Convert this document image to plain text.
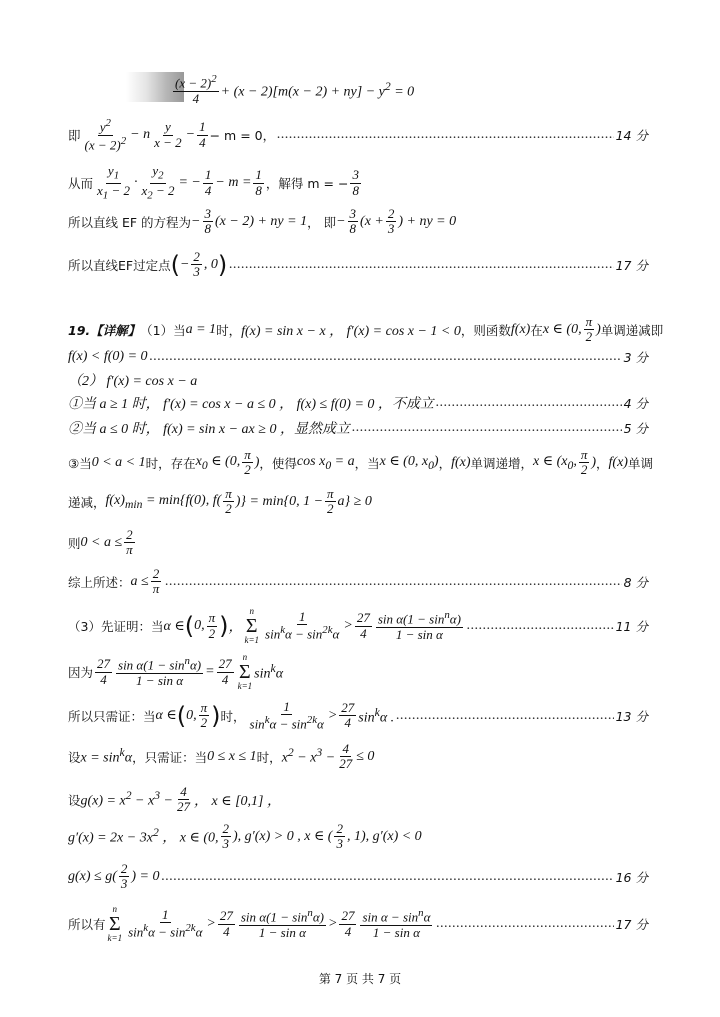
$\frac{(x - 2)^2}{4} + (x - 2)[m(x - 2) + ny] - y^2 = 0$
即 $\frac{y^2}{(x - 2)^2} - n \frac{y}{x - 2} - \frac{1}{4} - m = 0$， .....	14 分
从而 $\frac{y_1}{x_1 - 2} \cdot \frac{y_2}{x_2 - 2}$ = − $\frac{1}{4} - m = \frac{1}{8}$ ，解得 m = − $\frac{3}{8}$
所以直线 EF 的方程为 − $\frac{3}{8} (x - 2)$ + ny = 1 ， 即 − $\frac{3}{8} (x + \frac{2}{3}$ ) + ny = 0
所以直线EF过定点 ( − $\frac{2}{3}$ , 0 ) .....	17 分
19.【详解】 （1）当 a = 1 时， f(x) = sin x − x ， f′(x) = cos x − 1 < 0 ，则函数 f(x) 在 x ∈ (0, $\frac{\pi}{2}$ ) 单调递减即
f(x) < f(0) = 0 .....	3 分
（2） f′(x) = cos x − a
①当 a ≥ 1 时， f′(x) = cos x − a ≤ 0 ， f(x) ≤ f(0) = 0 ，不成立 .....	4 分
②当 a ≤ 0 时， f(x) = sin x − ax ≥ 0 ，显然成立 .....	5 分
③当 0 < a < 1 时，存在 $x_0$ ∈ (0, $\frac{\pi}{2}$ ) ，使得 $\cos x_0 = a$ ，当 x ∈ (0, $x_0$) ， f(x) 单调递增， x ∈ ($x_0$, $\frac{\pi}{2}$ ) ， f(x) 单调
递减， $f(x)_{min} = \min\{f(0)$, $f( \frac{\pi}{2}$ )} = min{0, $1 - \frac{\pi}{2} a\} \ge 0$
则 $0 < a \le \frac{2}{\pi}$
综上所述： $a \le \frac{2}{\pi}$ .....	8 分
（3）先证明：当 α ∈ ( 0, $\frac{\pi}{2}$ ) ，
n
Σ
$k=1 \frac{1}{\sin^k\alpha - \sin^{2k}\alpha} > \frac{27}{4} \frac{\sin \alpha(1 - \sin^n\alpha)}{\text{1 − sin α}}$ .....	11 分
因为 $\frac{27}{4} \frac{\sin \alpha(1 - \sin^n\alpha)}{\text{1 − sin α}} = \frac{27}{4}$
n
Σ
k=1
$\sin^k\alpha$
所以只需证：当 α ∈ ( 0, $\frac{\pi}{2}$ ) 时， $\frac{1}{\sin^k\alpha - \sin^{2k}\alpha} > \frac{27}{4} \sin^k\alpha$ . .....	13 分
设 $x = \sin^k\alpha$ ，只需证：当 0 ≤ x ≤ 1 时， $x^2 - x^3 - \frac{4}{27} \le 0$
设 $g(x) = x^2 - x^3 - \frac{4}{27}$ ， x ∈ [0,1] ，
$g'(x) = 2x - 3x^2$ ， x ∈ (0, $\frac{2}{3}$ ), g′(x) > 0 , x ∈ ( $\frac{2}{3}$ , 1), g′(x) < 0
$g(x) \le g( \frac{2}{3}$ ) = 0 .....	16 分
所以有
n
Σ
$k=1 \frac{1}{\sin^k\alpha - \sin^{2k}\alpha} > \frac{27}{4} \frac{\sin \alpha(1 - \sin^n\alpha)}{\text{1 − sin α}} > \frac{27}{4} \frac{\sin \alpha - \sin^n\alpha}{\text{1 − sin α}}$ .....	17 分
第 7 页 共 7 页
